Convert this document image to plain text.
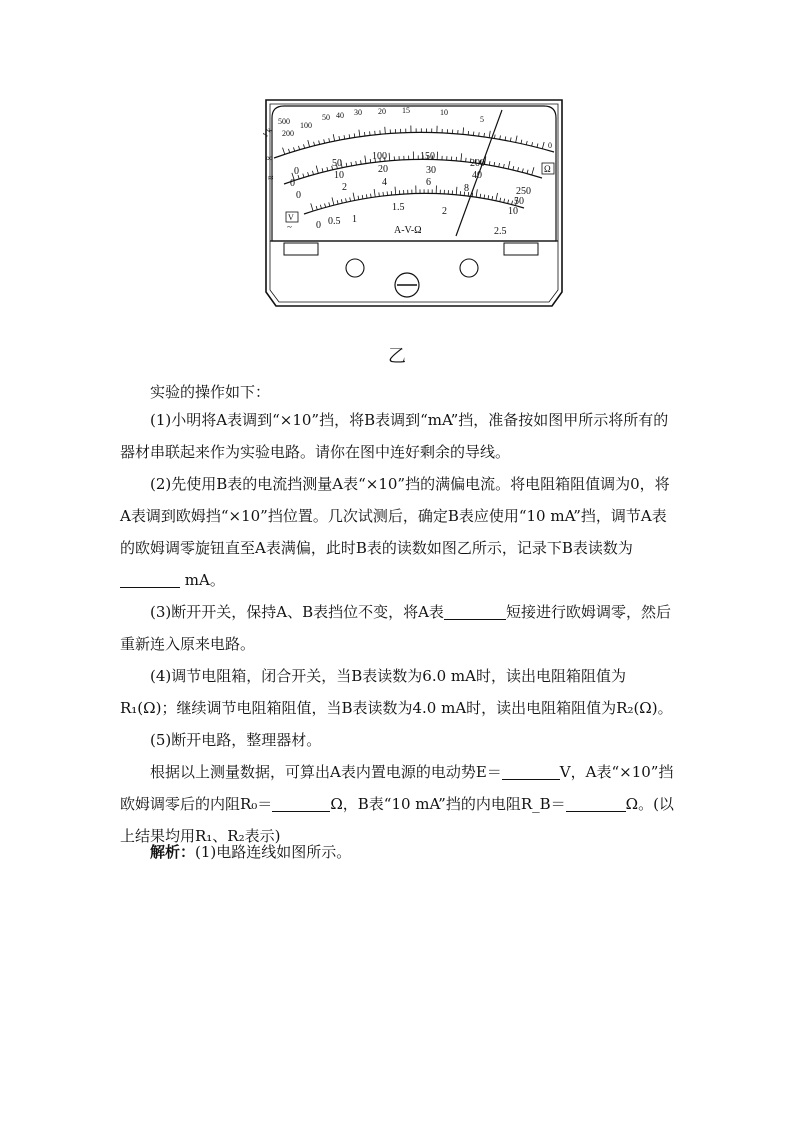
1 k
500
200
100
50 40 30 20 15	10
5
0
Ω
∞
≈
V
~
0
50
100	150
200
250
0
10
20	30	40
50
0
2	4	6
8
10
0 0.5 1
1.5	2
2.5
A-V-Ω
乙
实验的操作如下：
(1)小明将A表调到“×10”挡，将B表调到“mA”挡，准备按如图甲所示将所有的器材串联起来作为实验电路。请你在图中连好剩余的导线。
(2)先使用B表的电流挡测量A表“×10”挡的满偏电流。将电阻箱阻值调为0，将A表调到欧姆挡“×10”挡位置。几次试测后，确定B表应使用“10 mA”挡，调节A表的欧姆调零旋钮直至A表满偏，此时B表的读数如图乙所示，记录下B表读数为 mA。
(3)断开开关，保持A、B表挡位不变，将A表	短接进行欧姆调零，然后重新连入原来电路。
(4)调节电阻箱，闭合开关，当B表读数为6.0 mA时，读出电阻箱阻值为R₁(Ω)；继续调节电阻箱阻值，当B表读数为4.0 mA时，读出电阻箱阻值为R₂(Ω)。
(5)断开电路，整理器材。
根据以上测量数据，可算出A表内置电源的电动势E＝	V，A表“×10”挡欧姆调零后的内阻R₀＝	Ω，B表“10 mA”挡的内电阻R_B＝	Ω。(以上结果均用R₁、R₂表示)
解析：(1)电路连线如图所示。
